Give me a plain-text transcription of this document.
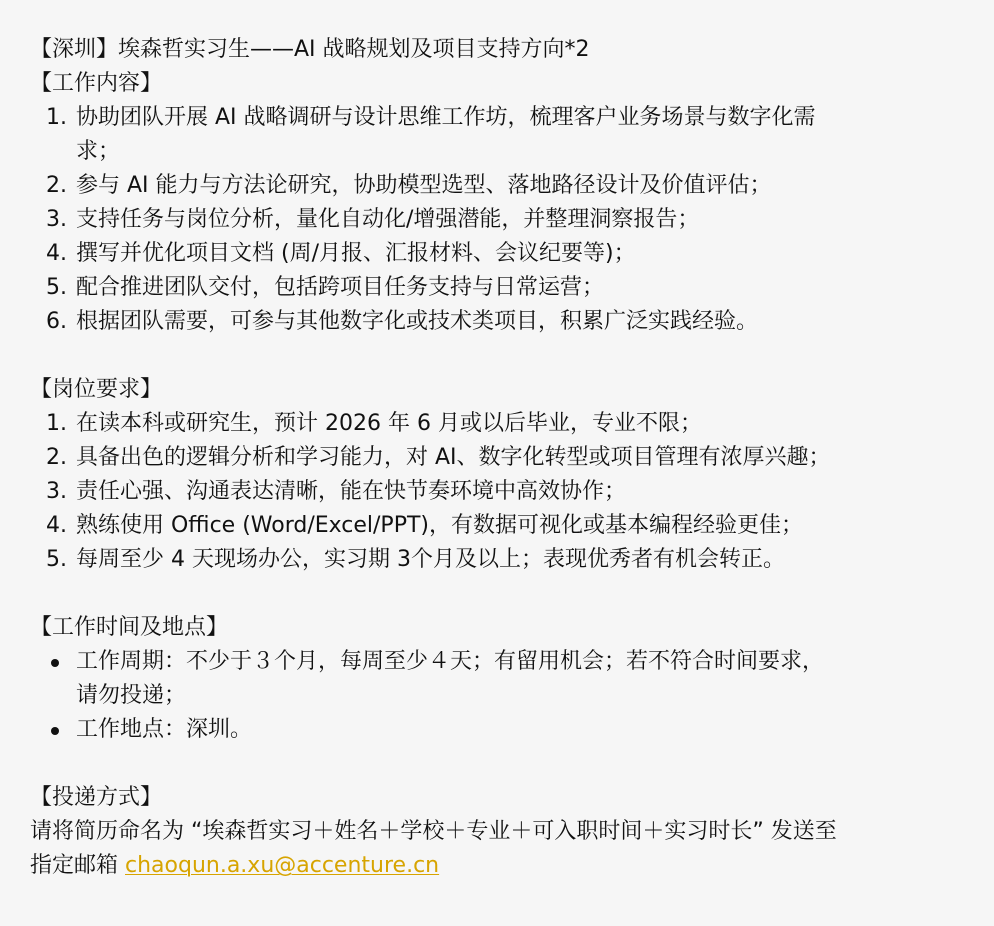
【深圳】埃森哲实习生——AI 战略规划及项目支持方向*2
【工作内容】
1. 协助团队开展 AI 战略调研与设计思维工作坊，梳理客户业务场景与数字化需
求；
2. 参与 AI 能力与方法论研究，协助模型选型、落地路径设计及价值评估；
3. 支持任务与岗位分析，量化自动化/增强潜能，并整理洞察报告；
4. 撰写并优化项目文档 (周/月报、汇报材料、会议纪要等)；
5. 配合推进团队交付，包括跨项目任务支持与日常运营；
6. 根据团队需要，可参与其他数字化或技术类项目，积累广泛实践经验。
【岗位要求】
1. 在读本科或研究生，预计 2026 年 6 月或以后毕业，专业不限；
2. 具备出色的逻辑分析和学习能力，对 AI、数字化转型或项目管理有浓厚兴趣；
3. 责任心强、沟通表达清晰，能在快节奏环境中高效协作；
4. 熟练使用 Office (Word/Excel/PPT)，有数据可视化或基本编程经验更佳；
5. 每周至少 4 天现场办公，实习期 3个月及以上；表现优秀者有机会转正。
【工作时间及地点】
工作周期：不少于３个月，每周至少４天；有留用机会；若不符合时间要求，
请勿投递；
工作地点：深圳。
【投递方式】
请将简历命名为 “埃森哲实习＋姓名＋学校＋专业＋可入职时间＋实习时长” 发送至
指定邮箱 chaoqun.a.xu@accenture.cn
